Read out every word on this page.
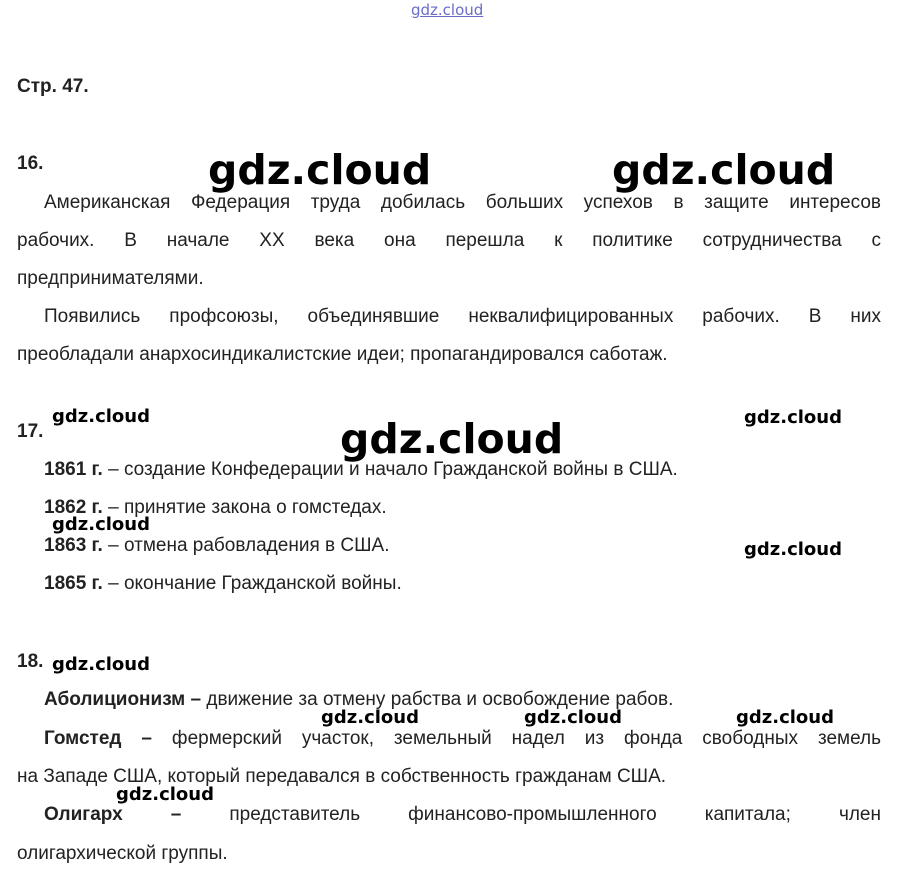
gdz.cloud
gdz.cloud	gdz.cloud
gdz.cloud	gdz.cloud
gdz.cloud
gdz.cloud
gdz.cloud
gdz.cloud
gdz.cloud	gdz.cloud	gdz.cloud
gdz.cloud

Стр. 47.

16.

Американская Федерация труда добилась больших успехов в защите интересов

рабочих. В начале XX века она перешла к политике сотрудничества с

предпринимателями.

Появились профсоюзы, объединявшие неквалифицированных рабочих. В них

преобладали анархосиндикалистские идеи; пропагандировался саботаж.

17.

1861 г. – создание Конфедерации и начало Гражданской войны в США.

1862 г. – принятие закона о гомстедах.

1863 г. – отмена рабовладения в США.

1865 г. – окончание Гражданской войны.

18.

Аболиционизм – движение за отмену рабства и освобождение рабов.

Гомстед – фермерский участок, земельный надел из фонда свободных земель

на Западе США, который передавался в собственность гражданам США.

Олигарх – представитель финансово-промышленного капитала; член

олигархической группы.
